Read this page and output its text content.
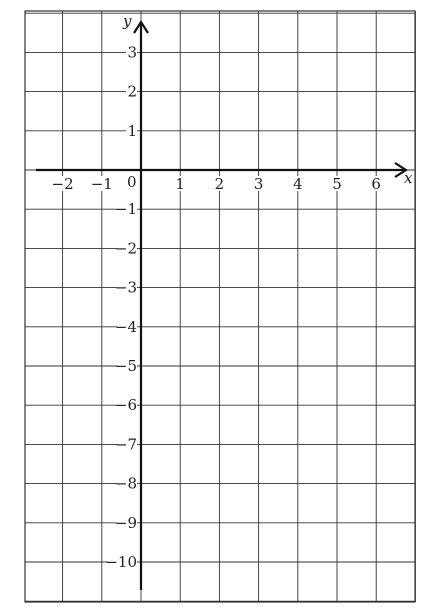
−2 −1	1 2 3 4 5 6
3
2
1
−1
−2
−3
−4
−5
−6
−7
−8
−9
−10
x
y
0
